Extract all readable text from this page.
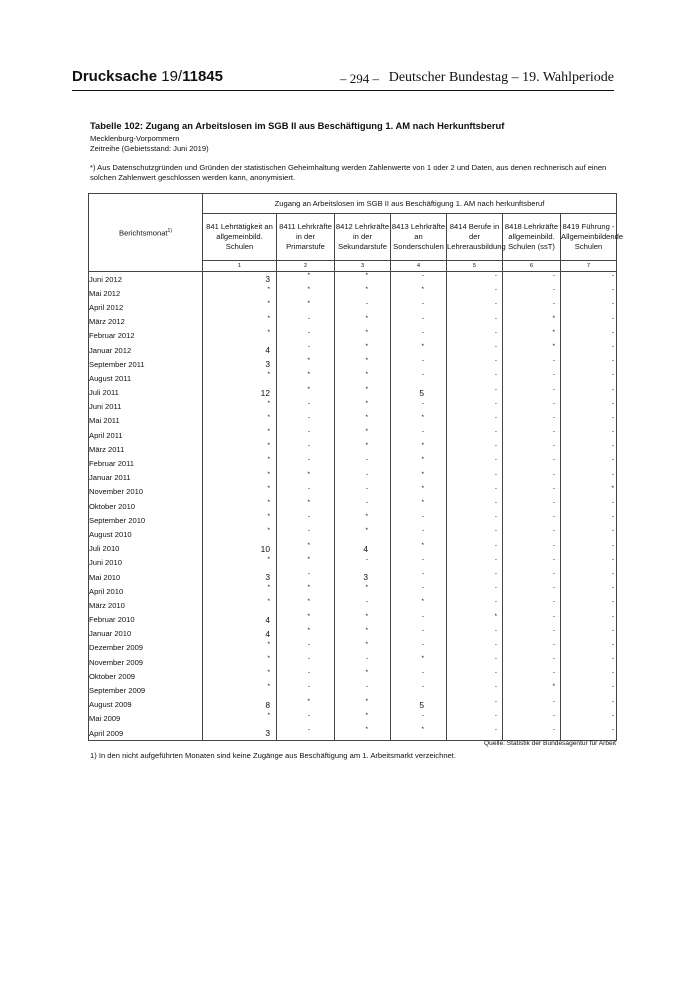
Drucksache 19/11845	– 294 – Deutscher Bundestag – 19. Wahlperiode
Tabelle 102: Zugang an Arbeitslosen im SGB II aus Beschäftigung 1. AM nach Herkunftsberuf
Mecklenburg-Vorpommern
Zeitreihe (Gebietsstand: Juni 2019)
*) Aus Datenschutzgründen und Gründen der statistischen Geheimhaltung werden Zahlenwerte von 1 oder 2 und Daten, aus denen rechnerisch auf einen solchen Zahlenwert geschlossen werden kann, anonymisiert.
Berichtsmonat$^{1)}$	Zugang an Arbeitslosen im SGB II aus Beschäftigung 1. AM nach herkunftsberuf						
	841 Lehrtätigkeit an allgemeinbild. Schulen	8411 Lehrkräfte in der Primarstufe	8412 Lehrkräfte in der Sekundarstufe	8413 Lehrkräfte an Sonderschulen	8414 Berufe in der Lehrerausbildung	8418 Lehrkräfte allgemeinbild. Schulen (ssT)	8419 Führung - Allgemeinbildende Schulen
	1	2	3	4	5	6	7
Juni 2012	3	*	*	-	-	-	-
Mai 2012	*	*	*	*	-	-	-
April 2012	*	*	-	-	-	-	-
März 2012	*	-	*	-	-	*	-
Februar 2012	*	-	*	-	-	*	-
Januar 2012	4	-	*	*	-	*	-
September 2011	3	*	*	-	-	-	-
August 2011	*	*	*	-	-	-	-
Juli 2011	12	*	*	5	-	-	-
Juni 2011	*	-	*	-	-	-	-
Mai 2011	*	-	*	*	-	-	-
April 2011	*	-	*	-	-	-	-
März 2011	*	-	*	*	-	-	-
Februar 2011	*	-	-	*	-	-	-
Januar 2011	*	*	-	*	-	-	-
November 2010	*	-	-	*	-	-	*
Oktober 2010	*	*	-	*	-	-	-
September 2010	*	-	*	-	-	-	-
August 2010	*	-	*	-	-	-	-
Juli 2010	10	*	4	*	-	-	-
Juni 2010	*	*	-	-	-	-	-
Mai 2010	3	-	3	-	-	-	-
April 2010	*	*	*	-	-	-	-
März 2010	*	*	-	*	-	-	-
Februar 2010	4	*	*	-	*	-	-
Januar 2010	4	*	*	-	-	-	-
Dezember 2009	*	-	*	-	-	-	-
November 2009	*	-	-	*	-	-	-
Oktober 2009	*	-	*	-	-	-	-
September 2009	*	-	-	-	-	*	-
August 2009	8	*	*	5	-	-	-
Mai 2009	*	-	*	-	-	-	-
April 2009	3	-	*	*	-	-	-
Quelle: Statistik der Bundesagentur für Arbeit
1) In den nicht aufgeführten Monaten sind keine Zugänge aus Beschäftigung am 1. Arbeitsmarkt verzeichnet.
